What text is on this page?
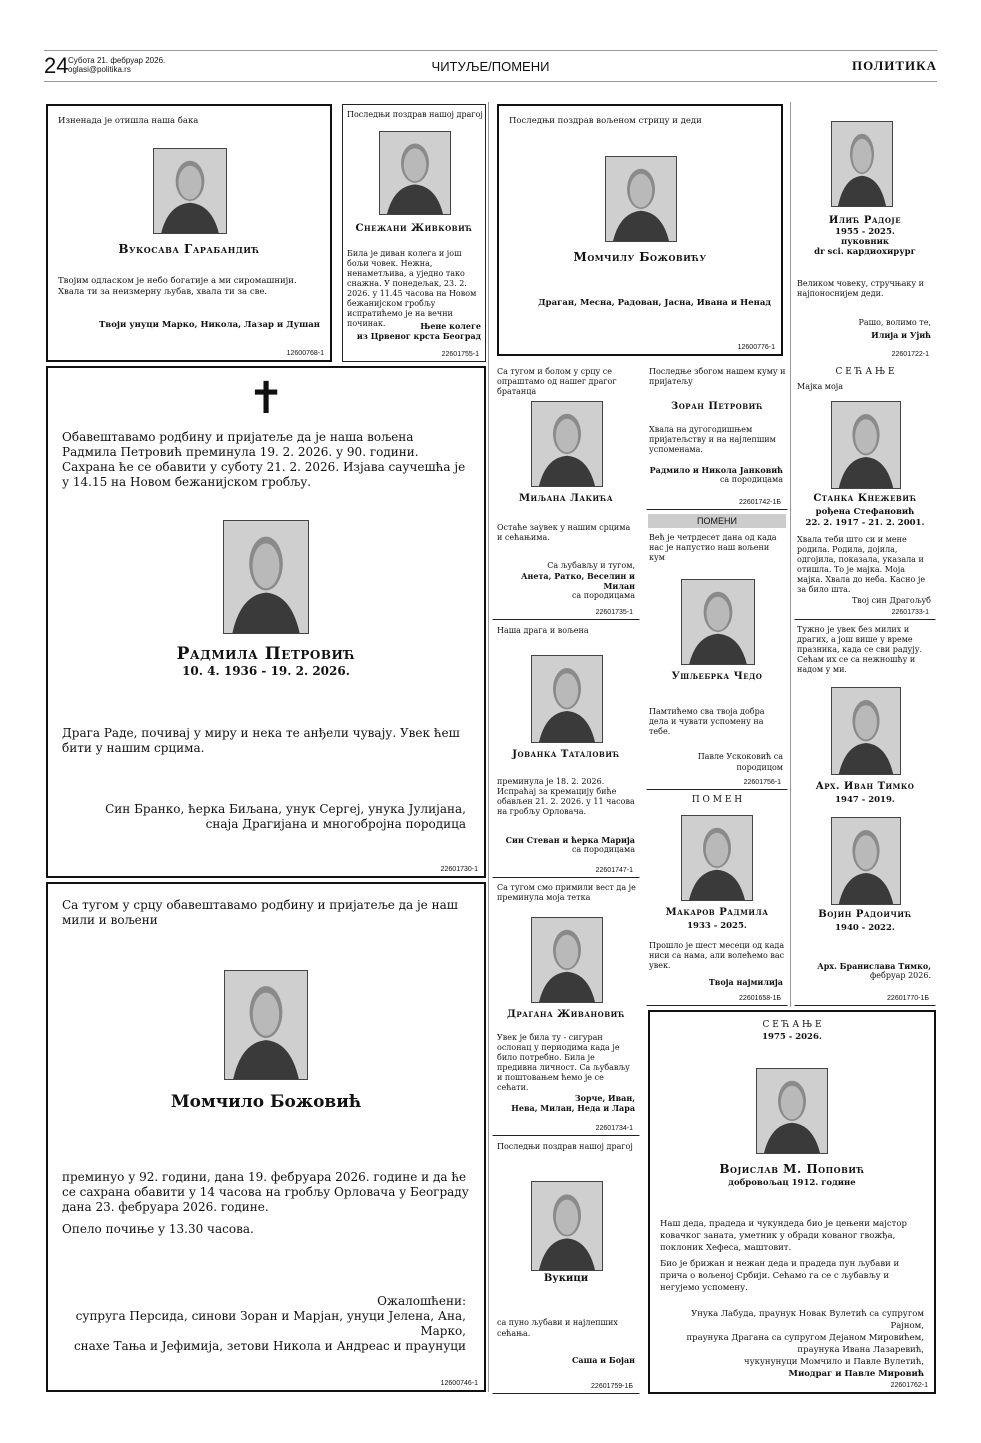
24 Субота 21. фебруар 2026.
oglasi@politika.rs	ЧИТУЉЕ/ПОМЕНИ	ПОЛИТИКА
Изненада је отишла наша бака
Вукосава Гарабандић
Твојим одласком је небо богатије а ми сиромашнији. Хвала ти за неизмерну љубав, хвала ти за све.
Твоји унуци Марко, Никола, Лазар и Душан
12600768-1
Последњи поздрав нашој драгој
Снежани Живковић
Била је диван колега и још бољи човек. Нежна, ненаметљива, а уједно тако снажна. У понедељак, 23. 2. 2026. у 11.45 часова на Новом бежанијском гробљу испратићемо је на вечни починак.	Њене колеге
из Црвеног крста Београд
22601755-1
Последњи поздрав вољеном стрицу и деди
Момчилу Божовићу
Драган, Месна, Радован, Јасна, Ивана и Ненад
12600776-1
Илић Радоје
1955 - 2025.
пуковник
dr sci. кардиохирург
Великом човеку, стручњаку и најпоноснијем деди.
Рашо, волимо те,
Илија и Уjић
22601722-1
✝
Обавештавамо родбину и пријатеље да је наша вољена Радмила Петровић преминула 19. 2. 2026. у 90. години. Сахрана ће се обавити у суботу 21. 2. 2026. Изјава саучешћа је у 14.15 на Новом бежанијском гробљу.
Радмила Петровић
10. 4. 1936 - 19. 2. 2026.
Драга Раде, почивај у миру и нека те анђели чувају. Увек ћеш бити у нашим срцима.
Син Бранко, ћерка Биљана, унук Сергеј, унука Јулијана,
снаја Драгијана и многобројна породица
22601730-1
Са тугом у срцу обавештавамо родбину и пријатеље да је наш мили и вољени
Момчило Божовић
преминуо у 92. години, дана 19. фебруара 2026. године и да ће се сахрана обавити у 14 часова на гробљу Орловача у Београду дана 23. фебруара 2026. године.
Опело почиње у 13.30 часова.
Ожалошћени:
супруга Персида, синови Зоран и Марјан, унуци Јелена, Ана, Марко,
снахе Тања и Јефимија, зетови Никола и Андреас и праунуци
12600746-1
Са тугом и болом у срцу се опраштамо од нашег драгог братанца
Миљана Лакића
Остаће заувек у нашим срцима и сећањима.
Са љубављу и тугом,
Анета, Ратко, Веселин и Милан
са породицама
22601735-1
Наша драга и вољена
Јованка Тataловић
преминула је 18. 2. 2026. Испраћај за кремацију биће обављен 21. 2. 2026. у 11 часова на гробљу Орловача.
Син Стеван и ћерка Марија
са породицама
22601747-1
Са тугом смо примили вест да је преминула моја тетка
Драгана Живановић
Увек је била ту - сигуран ослонац у периодима када је било потребно. Била је предивна личност. Са љубављу и поштовањем ћемо је се сећати.
Зорче, Иван,
Нева, Милан, Неда и Лара
22601734-1
Последњи поздрав нашој драгој
Вукици
са пуно љубави и најлепших сећања.
Саша и Бојан
22601759-1Б
Последње збогом нашем куму и пријатељу
Зоран Петровић
Хвала на дугогодишњем пријатељству и на најлепшим успоменама.
Радмило и Никола Јанковић
са породицама
22601742-1Б
ПОМЕНИ
Већ је четрдесет дана од када нас је напустио наш вољени кум
Ушљебрка Чедо
Памтићемо сва твоја добра дела и чувати успомену на тебе.
Павле Ускоковић са породицом
22601756-1
П О М Е Н
Макаров Радмила
1933 - 2025.
Прошло је шест месеци од када ниси са нама, али волећемо вас увек.
Твоја најмилија
22601658-1Б
С Е Ћ А Њ Е
Мајка моја
Станка Кнежевић
рођена Стефановић
22. 2. 1917 - 21. 2. 2001.
Хвала теби што си и мене родила. Родила, дојила, одгојила, показала, указала и отишла. То је мајка. Моја мајка. Хвала до неба. Касно је за било шта.
Твој син Драгољуб
22601733-1
Тужно је увек без милих и драгих, а још више у време празника, када се сви радују. Сећам их се са нежношћу и надом у ми.
Арх. Иван Тимко
1947 - 2019.
Војин Радоичић
1940 - 2022.
Арх. Бранислава Тимко,
фебруар 2026.
22601770-1Б
С Е Ћ А Њ Е
1975 - 2026.
Војислав М. Поповић
добровољац 1912. године
Наш деда, прадеда и чукундеда био је цењени мајстор ковачког заната, уметник у обради кованог гвожђа, поклоник Хефеса, маштовит.
Био је брижан и нежан деда и прадеда пун љубави и прича о вољеној Србији. Сећамо га се с љубављу и негујемо успомену.
Унука Лабуда, праунук Новак Вулетић са супругом Рајном,
праунука Драгана са супругом Дејаном Мировићем,
праунука Ивана Лазаревић,
чукунунуци Момчило и Павле Вулетић,
Миодраг и Павле Мировић
22601762-1
